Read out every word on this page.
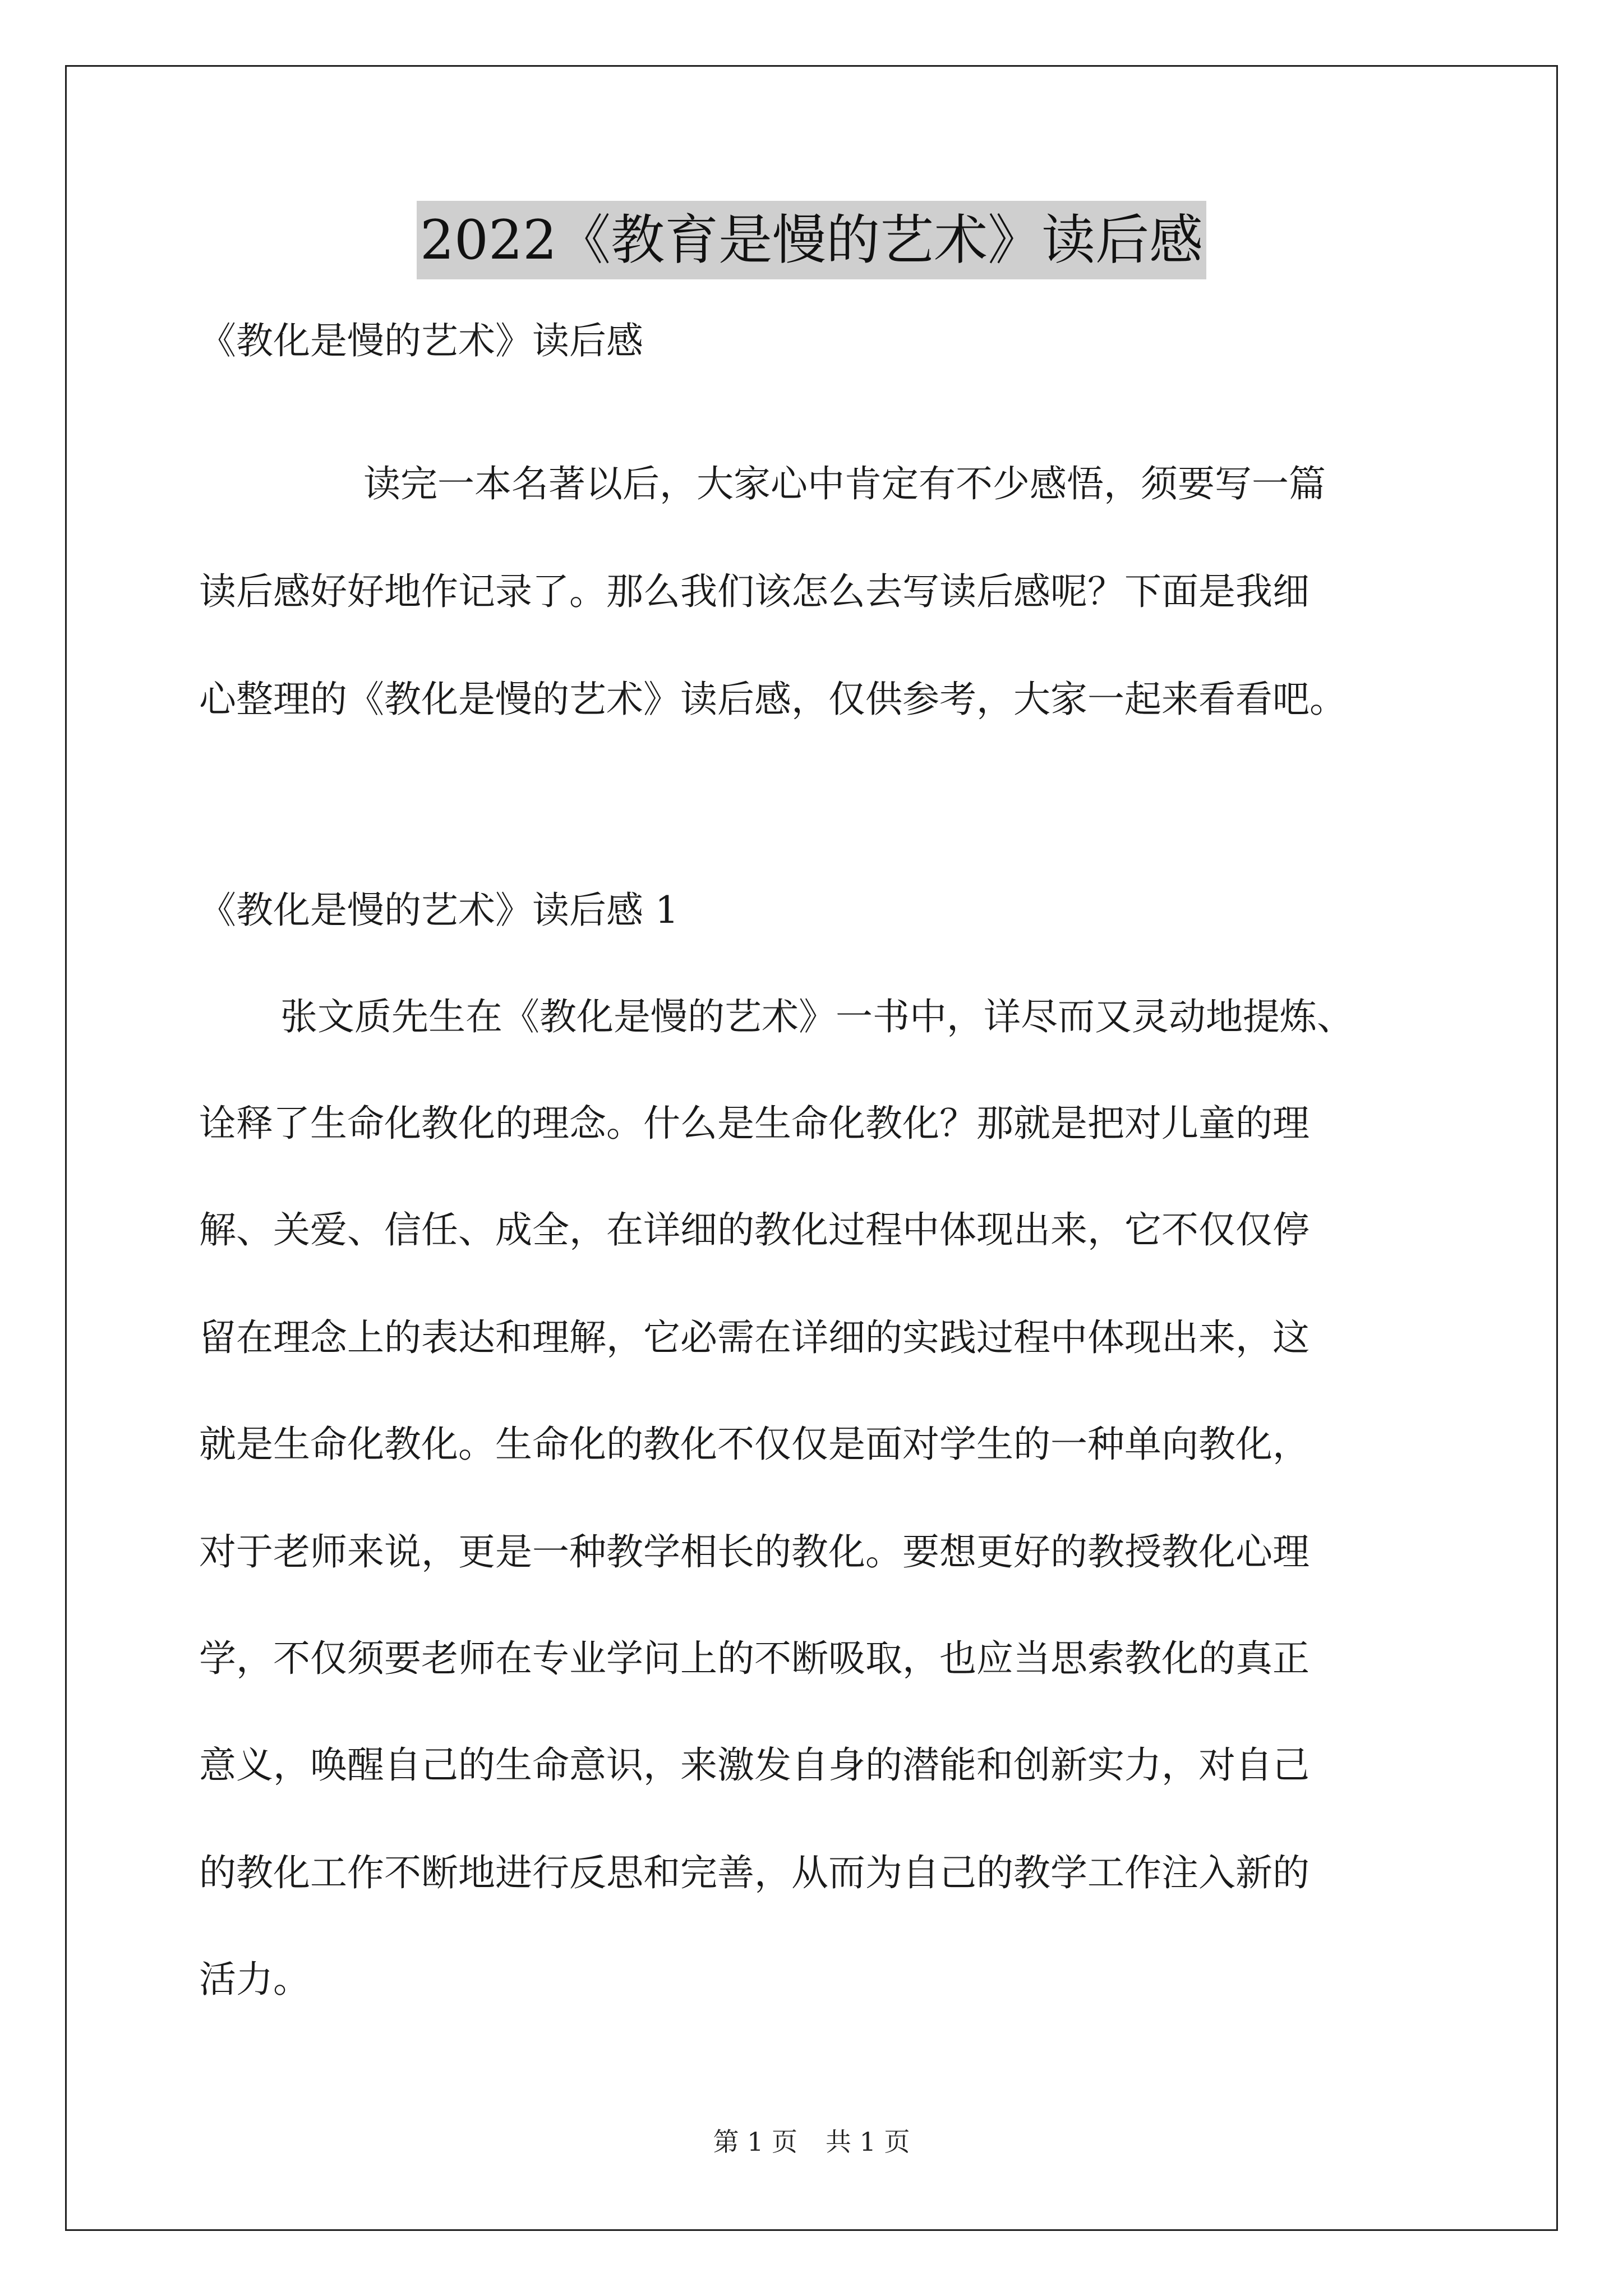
2022《教育是慢的艺术》读后感
《教化是慢的艺术》读后感
读完一本名著以后，大家心中肯定有不少感悟，须要写一篇
读后感好好地作记录了。那么我们该怎么去写读后感呢？下面是我细
心整理的《教化是慢的艺术》读后感，仅供参考，大家一起来看看吧。
《教化是慢的艺术》读后感 1
张文质先生在《教化是慢的艺术》一书中，详尽而又灵动地提炼、
诠释了生命化教化的理念。什么是生命化教化？那就是把对儿童的理
解、关爱、信任、成全，在详细的教化过程中体现出来，它不仅仅停
留在理念上的表达和理解，它必需在详细的实践过程中体现出来，这
就是生命化教化。生命化的教化不仅仅是面对学生的一种单向教化，
对于老师来说，更是一种教学相长的教化。要想更好的教授教化心理
学，不仅须要老师在专业学问上的不断吸取，也应当思索教化的真正
意义，唤醒自己的生命意识，来激发自身的潜能和创新实力，对自己
的教化工作不断地进行反思和完善，从而为自己的教学工作注入新的
活力。
第 1 页 共 1 页
